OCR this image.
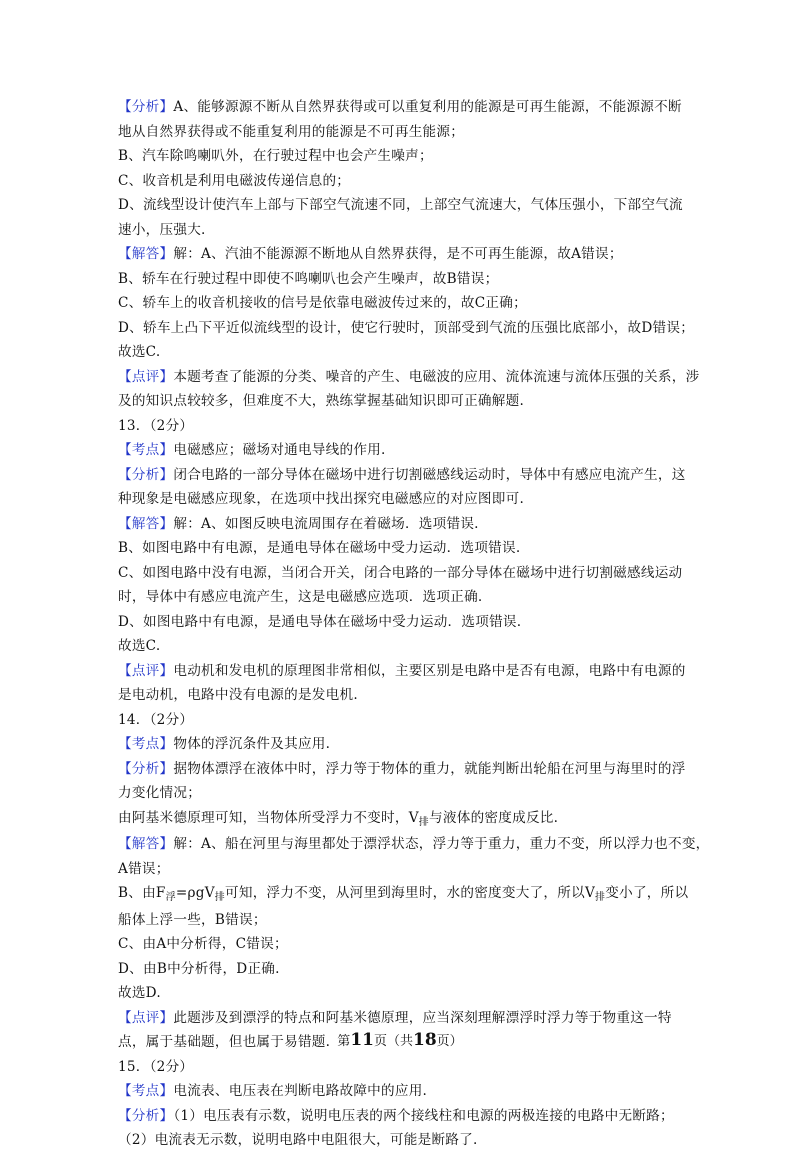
【分析】A、能够源源不断从自然界获得或可以重复利用的能源是可再生能源，不能源源不断
地从自然界获得或不能重复利用的能源是不可再生能源；
B、汽车除鸣喇叭外，在行驶过程中也会产生噪声；
C、收音机是利用电磁波传递信息的；
D、流线型设计使汽车上部与下部空气流速不同，上部空气流速大，气体压强小，下部空气流
速小，压强大.
【解答】解：A、汽油不能源源不断地从自然界获得，是不可再生能源，故A错误；
B、轿车在行驶过程中即使不鸣喇叭也会产生噪声，故B错误；
C、轿车上的收音机接收的信号是依靠电磁波传过来的，故C正确；
D、轿车上凸下平近似流线型的设计，使它行驶时，顶部受到气流的压强比底部小，故D错误；
故选C.
【点评】本题考查了能源的分类、噪音的产生、电磁波的应用、流体流速与流体压强的关系，涉
及的知识点较较多，但难度不大，熟练掌握基础知识即可正确解题.
13．（2分）
【考点】电磁感应；磁场对通电导线的作用.
【分析】闭合电路的一部分导体在磁场中进行切割磁感线运动时，导体中有感应电流产生，这
种现象是电磁感应现象，在选项中找出探究电磁感应的对应图即可.
【解答】解：A、如图反映电流周围存在着磁场．选项错误.
B、如图电路中有电源，是通电导体在磁场中受力运动．选项错误.
C、如图电路中没有电源，当闭合开关，闭合电路的一部分导体在磁场中进行切割磁感线运动
时，导体中有感应电流产生，这是电磁感应选项．选项正确.
D、如图电路中有电源，是通电导体在磁场中受力运动．选项错误.
故选C.
【点评】电动机和发电机的原理图非常相似，主要区别是电路中是否有电源，电路中有电源的
是电动机，电路中没有电源的是发电机.
14．（2分）
【考点】物体的浮沉条件及其应用.
【分析】据物体漂浮在液体中时，浮力等于物体的重力，就能判断出轮船在河里与海里时的浮
力变化情况；
由阿基米德原理可知，当物体所受浮力不变时，$V_排$与液体的密度成反比.
【解答】解：A、船在河里与海里都处于漂浮状态，浮力等于重力，重力不变，所以浮力也不变，
A错误；
B、由$F_浮=\rho gV_排$可知，浮力不变，从河里到海里时，水的密度变大了，所以$V_排$变小了，所以
船体上浮一些，B错误；
C、由A中分析得，C错误；
D、由B中分析得，D正确.
故选D.
【点评】此题涉及到漂浮的特点和阿基米德原理，应当深刻理解漂浮时浮力等于物重这一特
点，属于基础题，但也属于易错题.
15．（2分）
【考点】电流表、电压表在判断电路故障中的应用.
【分析】（1）电压表有示数，说明电压表的两个接线柱和电源的两极连接的电路中无断路；
（2）电流表无示数，说明电路中电阻很大，可能是断路了.
第11页（共18页）
